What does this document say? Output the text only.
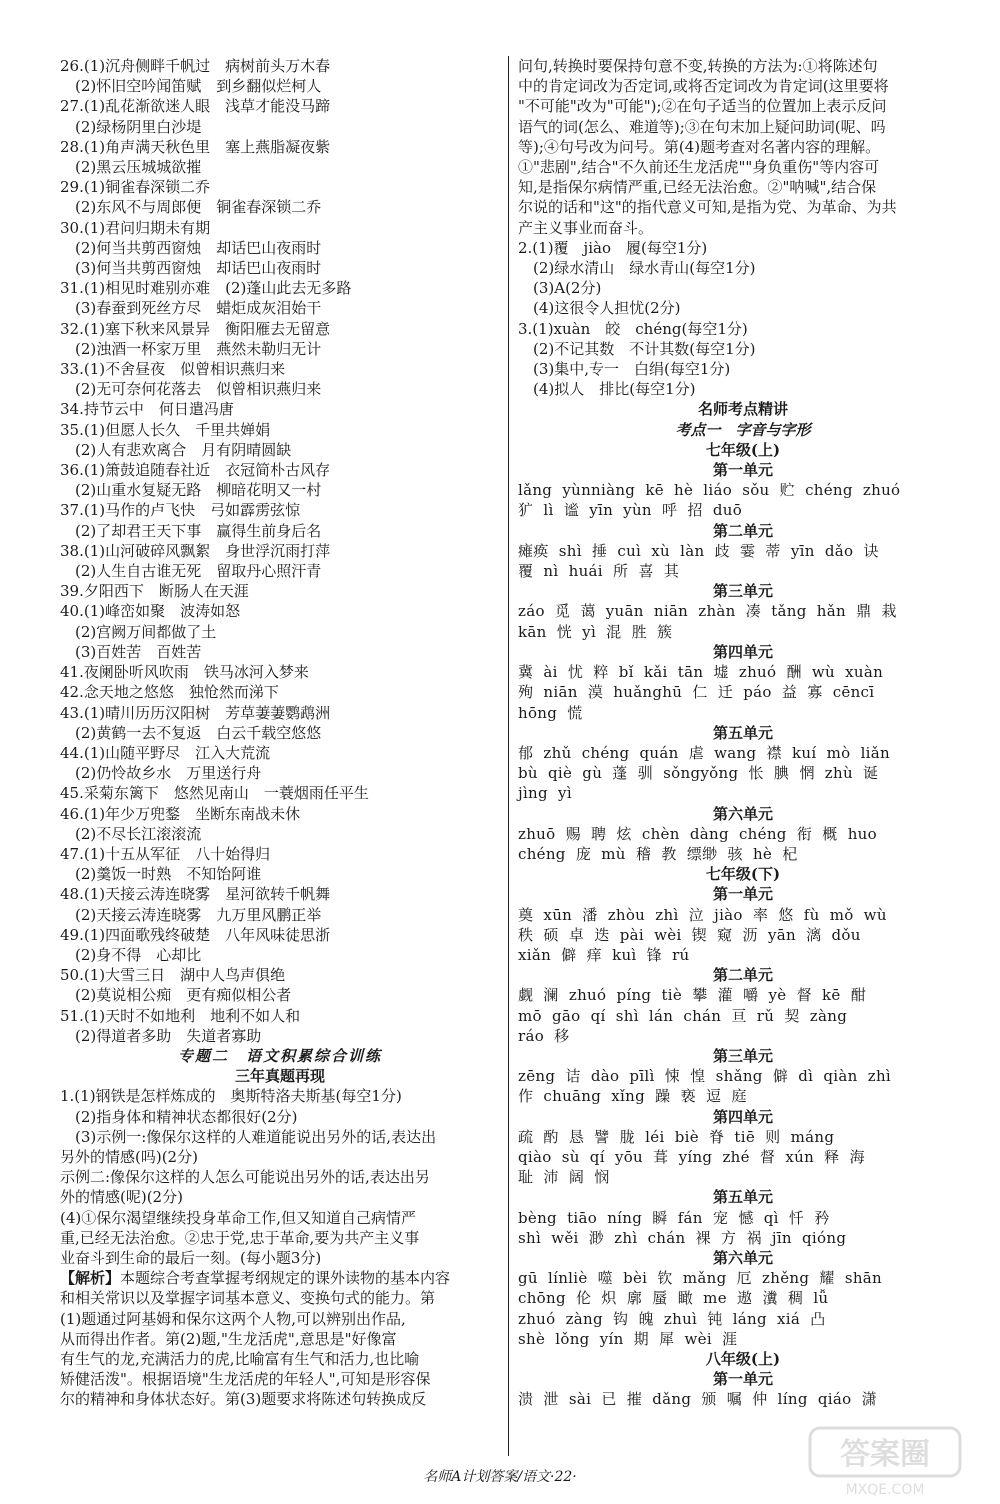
26.(1)沉舟侧畔千帆过　病树前头万木春
　(2)怀旧空吟闻笛赋　到乡翻似烂柯人
27.(1)乱花渐欲迷人眼　浅草才能没马蹄
　(2)绿杨阴里白沙堤
28.(1)角声满天秋色里　塞上燕脂凝夜紫
　(2)黑云压城城欲摧
29.(1)铜雀春深锁二乔
　(2)东风不与周郎便　铜雀春深锁二乔
30.(1)君问归期未有期
　(2)何当共剪西窗烛　却话巴山夜雨时
　(3)何当共剪西窗烛　却话巴山夜雨时
31.(1)相见时难别亦难　(2)蓬山此去无多路
　(3)春蚕到死丝方尽　蜡炬成灰泪始干
32.(1)塞下秋来风景异　衡阳雁去无留意
　(2)浊酒一杯家万里　燕然未勒归无计
33.(1)不舍昼夜　似曾相识燕归来
　(2)无可奈何花落去　似曾相识燕归来
34.持节云中　何日遣冯唐
35.(1)但愿人长久　千里共婵娟
　(2)人有悲欢离合　月有阴晴圆缺
36.(1)箫鼓追随春社近　衣冠简朴古风存
　(2)山重水复疑无路　柳暗花明又一村
37.(1)马作的卢飞快　弓如霹雳弦惊
　(2)了却君王天下事　赢得生前身后名
38.(1)山河破碎风飘絮　身世浮沉雨打萍
　(2)人生自古谁无死　留取丹心照汗青
39.夕阳西下　断肠人在天涯
40.(1)峰峦如聚　波涛如怒
　(2)宫阙万间都做了土
　(3)百姓苦　百姓苦
41.夜阑卧听风吹雨　铁马冰河入梦来
42.念天地之悠悠　独怆然而涕下
43.(1)晴川历历汉阳树　芳草萋萋鹦鹉洲
　(2)黄鹤一去不复返　白云千载空悠悠
44.(1)山随平野尽　江入大荒流
　(2)仍怜故乡水　万里送行舟
45.采菊东篱下　悠然见南山　一蓑烟雨任平生
46.(1)年少万兜鍪　坐断东南战未休
　(2)不尽长江滚滚流
47.(1)十五从军征　八十始得归
　(2)羹饭一时熟　不知饴阿谁
48.(1)天接云涛连晓雾　星河欲转千帆舞
　(2)天接云涛连晓雾　九万里风鹏正举
49.(1)四面歌残终破楚　八年风味徒思浙
　(2)身不得　心却比
50.(1)大雪三日　湖中人鸟声俱绝
　(2)莫说相公痴　更有痴似相公者
51.(1)天时不如地利　地利不如人和
　(2)得道者多助　失道者寡助
专题二　语文积累综合训练
三年真题再现
1.(1)钢铁是怎样炼成的　奥斯特洛夫斯基(每空1分)
　(2)指身体和精神状态都很好(2分)
　(3)示例一:像保尔这样的人难道能说出另外的话,表达出
另外的情感(吗)(2分)
示例二:像保尔这样的人怎么可能说出另外的话,表达出另
外的情感(呢)(2分)
(4)①保尔渴望继续投身革命工作,但又知道自己病情严
重,已经无法治愈。②忠于党,忠于革命,要为共产主义事
业奋斗到生命的最后一刻。(每小题3分)
【解析】本题综合考查掌握考纲规定的课外读物的基本内容
和相关常识以及掌握字词基本意义、变换句式的能力。第
(1)题通过阿基姆和保尔这两个人物,可以辨别出作品,
从而得出作者。第(2)题,"生龙活虎",意思是"好像富
有生气的龙,充满活力的虎,比喻富有生气和活力,也比喻
矫健活泼"。根据语境"生龙活虎的年轻人",可知是形容保
尔的精神和身体状态好。第(3)题要求将陈述句转换成反
问句,转换时要保持句意不变,转换的方法为:①将陈述句
中的肯定词改为否定词,或将否定词改为肯定词(这里要将
"不可能"改为"可能");②在句子适当的位置加上表示反问
语气的词(怎么、难道等);③在句末加上疑问助词(呢、吗
等);④句号改为问号。第(4)题考查对名著内容的理解。
①"悲剧",结合"不久前还生龙活虎""身负重伤"等内容可
知,是指保尔病情严重,已经无法治愈。②"呐喊",结合保
尔说的话和"这"的指代意义可知,是指为党、为革命、为共
产主义事业而奋斗。
2.(1)覆　jiào　履(每空1分)
　(2)绿水清山　绿水青山(每空1分)
　(3)A(2分)
　(4)这很令人担忧(2分)
3.(1)xuàn　皎　chéng(每空1分)
　(2)不记其数　不计其数(每空1分)
　(3)集中,专一　白绢(每空1分)
　(4)拟人　排比(每空1分)
名师考点精讲
考点一　字音与字形
七年级(上)
第一单元
lǎng  yùnniàng  kē  hè  liáo  sǒu  贮  chéng  zhuó
犷  lì  谧  yīn  yùn  呼  招  duō
第二单元
瘫痪  shì  捶  cuì  xù  làn  歧  霎  蒂  yīn  dǎo  诀
覆  nì  huái  所  喜  其
第三单元
záo  觅  蔼  yuān  niān  zhàn  凑  tǎng  hǎn  鼎  栽
kān  恍  yì  混  胜  簇
第四单元
冀  ài  忧  粹  bǐ  kǎi  tān  墟  zhuó  酬  wù  xuàn
殉  niān  漠  huǎnghū  仁  迁  páo  益  寡  cēncī
hōng  慌
第五单元
郁  zhǔ  chéng  quán  虐  wang  襟  kuí  mò  liǎn
bù  qiè  gù  蓬  驯  sǒngyǒng  怅  腆  惘  zhù  诞
jìng  yì
第六单元
zhuō  赐  聘  炫  chèn  dàng  chéng  衔  概  huo
chéng  庞  mù  稽  教  缥缈  骇  hè  杞
七年级(下)
第一单元
奠  xūn  潘  zhòu  zhì  泣  jiào  率  悠  fù  mǒ  wù
秩  硕  卓  迭  pài  wèi  锲  窥  沥  yān  漓  dǒu
xiǎn  僻  痒  kuì  锋  rú
第二单元
觑  澜  zhuó  píng  tiè  攀  灌  嚼  yè  督  kē  酣
mō  gāo  qí  shì  lán  chán  亘  rǔ  契  zàng
ráo  移
第三单元
zēng  诘  dào  pīlì  悚  惶  shǎng  僻  dì  qiàn  zhì
作  chuāng  xǐng  躁  亵  逗  庭
第四单元
疏  酌  恳  譬  胧  léi  biè  脊  tiē  则  máng
qiào  sù  qí  yōu  葺  yíng  zhé  督  xún  释  海
耻  沛  阔  悯
第五单元
bèng  tiāo  níng  瞬  fán  宠  憾  qì  忏  矜
shì  wěi  渺  zhì  chán  裸  方  祸  jīn  qióng
第六单元
gū  línliè  噬  bèi  钦  mǎng  厄  zhěng  耀  shān
chōng  伦  炽  廓  蜃  瞰  me  遨  瀵  稠  lǚ
zhuó  zàng  钩  魄  zhuì  钝  láng  xiá  凸
shè  lǒng  yín  期  犀  wèi  涯
八年级(上)
第一单元
溃  泄  sài  已  摧  dǎng  颁  嘱  仲  líng  qiáo  潇
名师A计划答案/语文·22·
答案圈
MXQE.COM
